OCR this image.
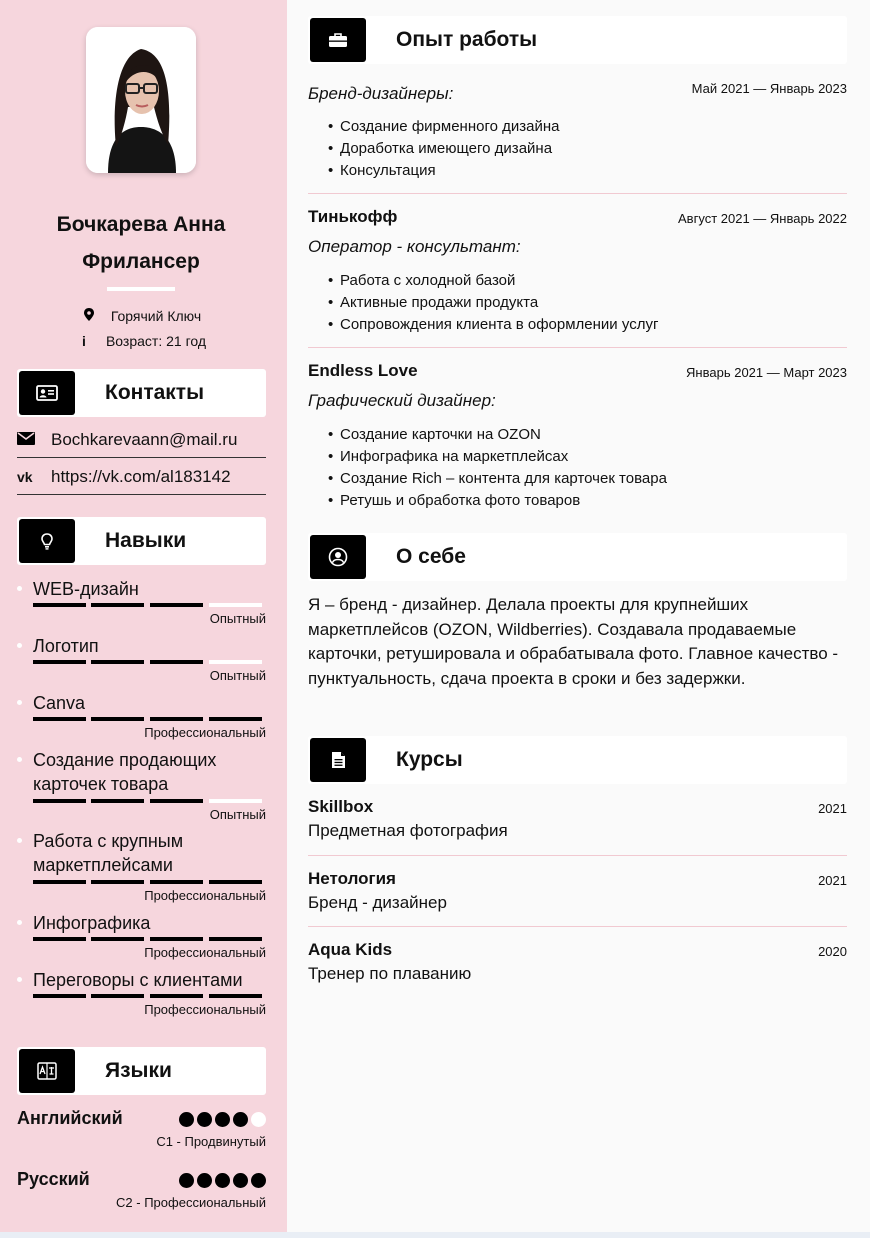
Бочкарева Анна
Фрилансер
Горячий Ключ
i Возраст: 21 год
Контакты
Bochkarevaann@mail.ru
vk https://vk.com/al183142
Навыки
WEB-дизайн
Опытный
Логотип
Опытный
Canva
Профессиональный
Создание продающих карточек товара
Опытный
Работа с крупным маркетплейсами
Профессиональный
Инфографика
Профессиональный
Переговоры с клиентами
Профессиональный
Языки
Английский
C1 - Продвинутый
Русский
C2 - Профессиональный
Опыт работы
Май 2021 — Январь 2023
Бренд-дизайнеры:
• Создание фирменного дизайна
• Доработка имеющего дизайна
• Консультация
Тинькофф	Август 2021 — Январь 2022
Оператор - консультант:
• Работа с холодной базой
• Активные продажи продукта
• Сопровождения клиента в оформлении услуг
Endless Love	Январь 2021 — Март 2023
Графический дизайнер:
• Создание карточки на OZON
• Инфографика на маркетплейсах
• Создание Rich – контента для карточек товара
• Ретушь и обработка фото товаров
О себе
Я – бренд - дизайнер. Делала проекты для крупнейших маркетплейсов (OZON, Wildberries). Создавала продаваемые карточки, ретушировала и обрабатывала фото. Главное качество - пунктуальность, сдача проекта в сроки и без задержки.
Курсы
Skillbox	2021
Предметная фотография
Нетология	2021
Бренд - дизайнер
Aqua Kids	2020
Тренер по плаванию
